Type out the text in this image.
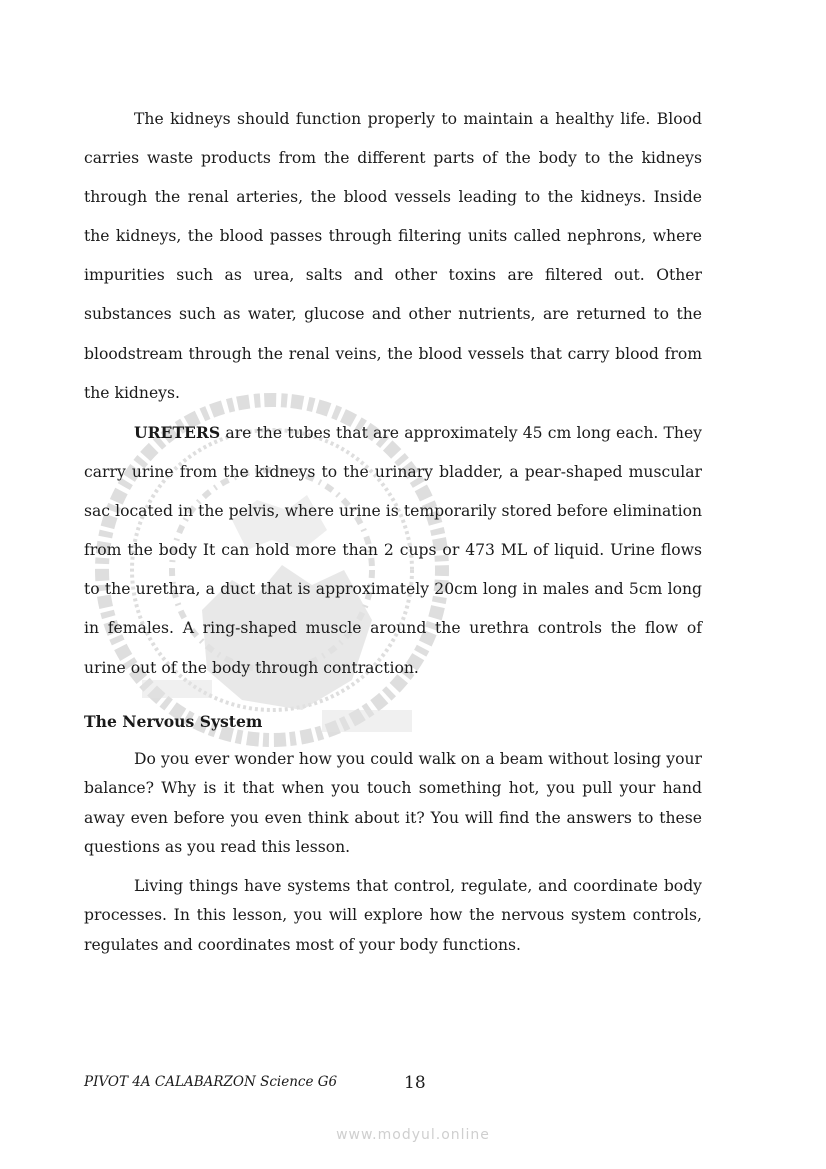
The kidneys should function properly to maintain a healthy life. Blood carries waste products from the different parts of the body to the kidneys through the renal arteries, the blood vessels leading to the kidneys. Inside the kidneys, the blood passes through filtering units called nephrons, where impurities such as urea, salts and other toxins are filtered out. Other substances such as water, glucose and other nutrients, are returned to the bloodstream through the renal veins, the blood vessels that carry blood from the kidneys.

URETERS are the tubes that are approximately 45 cm long each. They carry urine from the kidneys to the urinary bladder, a pear-shaped muscular sac located in the pelvis, where urine is temporarily stored before elimination from the body It can hold more than 2 cups or 473 ML of liquid. Urine flows to the urethra, a duct that is approximately 20cm long in males and 5cm long in females. A ring-shaped muscle around the urethra controls the flow of urine out of the body through contraction.

The Nervous System

Do you ever wonder how you could walk on a beam without losing your balance? Why is it that when you touch something hot, you pull your hand away even before you even think about it? You will find the answers to these questions as you read this lesson.

Living things have systems that control, regulate, and coordinate body processes. In this lesson, you will explore how the nervous system controls, regulates and coordinates most of your body functions.

PIVOT 4A CALABARZON Science G6	18
www.modyul.online
